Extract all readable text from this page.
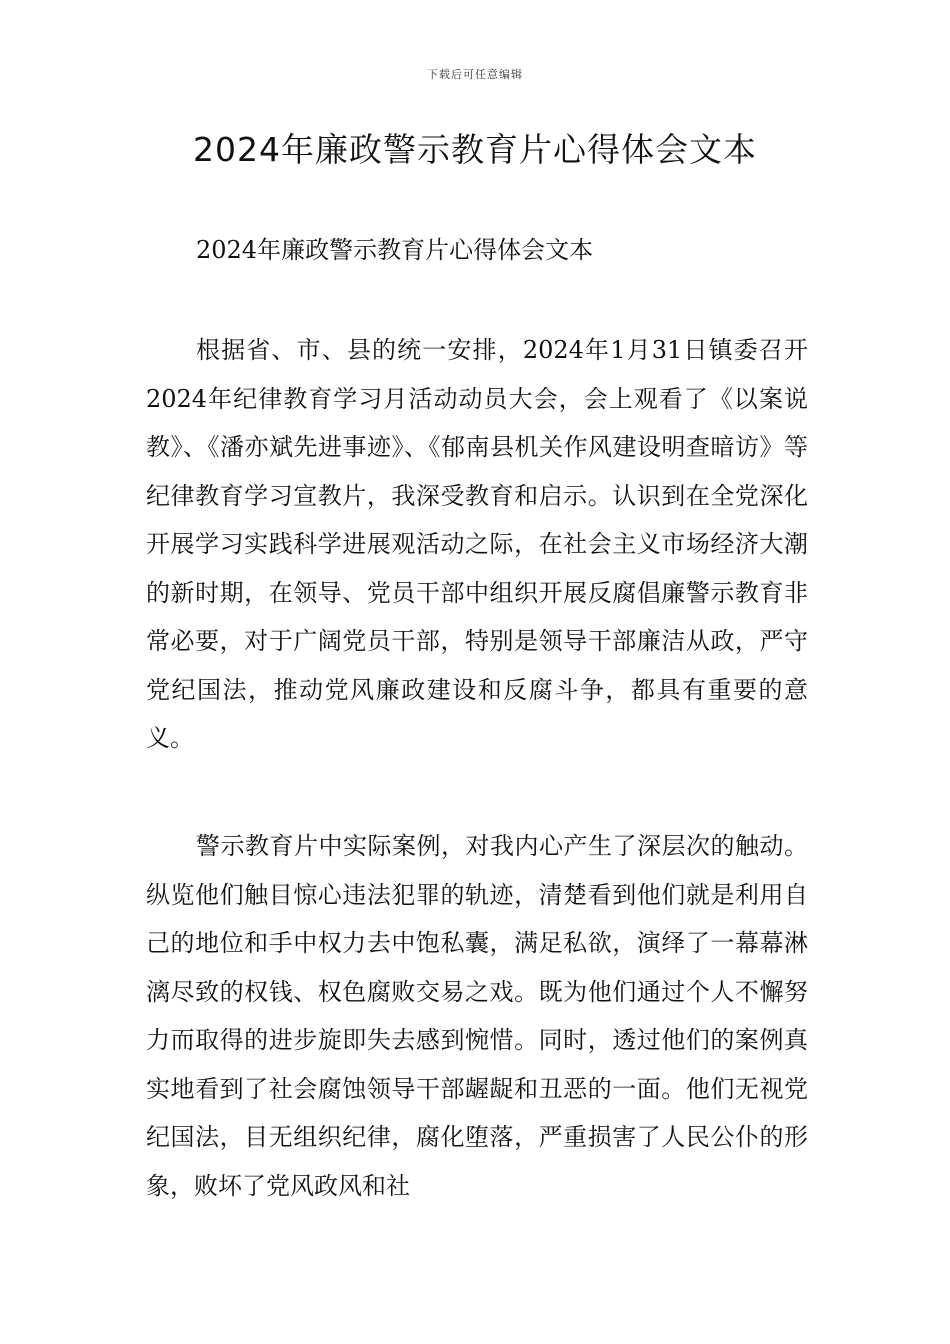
下载后可任意编辑
2024年廉政警示教育片心得体会文本

2024年廉政警示教育片心得体会文本

根据省、市、县的统一安排，2024年1月31日镇委召开2024年纪律教育学习月活动动员大会，会上观看了《以案说教》、《潘亦斌先进事迹》、《郁南县机关作风建设明查暗访》等纪律教育学习宣教片，我深受教育和启示。认识到在全党深化开展学习实践科学进展观活动之际，在社会主义市场经济大潮的新时期，在领导、党员干部中组织开展反腐倡廉警示教育非常必要，对于广阔党员干部，特别是领导干部廉洁从政，严守党纪国法，推动党风廉政建设和反腐斗争，都具有重要的意义。

警示教育片中实际案例，对我内心产生了深层次的触动。纵览他们触目惊心违法犯罪的轨迹，清楚看到他们就是利用自己的地位和手中权力去中饱私囊，满足私欲，演绎了一幕幕淋漓尽致的权钱、权色腐败交易之戏。既为他们通过个人不懈努力而取得的进步旋即失去感到惋惜。同时，透过他们的案例真实地看到了社会腐蚀领导干部龌龊和丑恶的一面。他们无视党纪国法，目无组织纪律，腐化堕落，严重损害了人民公仆的形象，败坏了党风政风和社
